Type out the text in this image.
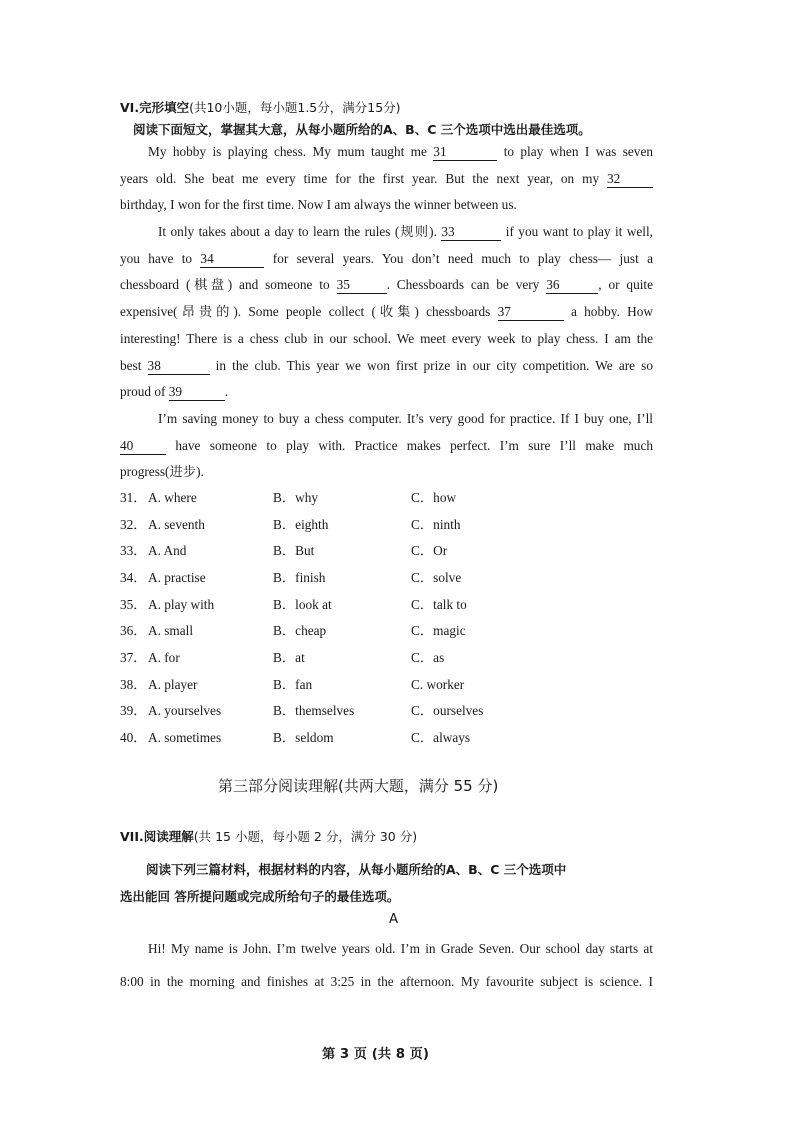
VI.完形填空(共10小题，每小题1.5分，满分15分)
阅读下面短文，掌握其大意，从每小题所给的A、B、C 三个选项中选出最佳选项。
My hobby is playing chess. My mum taught me 31	to play when I was seven
years old. She beat me every time for the first year. But the next year, on my 32
birthday, I won for the first time. Now I am always the winner between us.
It only takes about a day to learn the rules (规则). 33	if you want to play it well,
you have to 34	for several years. You don’t need much to play chess— just a
chessboard (棋盘) and someone to 35	. Chessboards can be very 36	, or quite
expensive(昂贵的). Some people collect (收集) chessboards 37	a hobby. How
interesting! There is a chess club in our school. We meet every week to play chess. I am the
best 38	in the club. This year we won first prize in our city competition. We are so
proud of 39	.
I’m saving money to buy a chess computer. It’s very good for practice. If I buy one, I’ll
40	have someone to play with. Practice makes perfect. I’m sure I’ll make much
progress(进步).
31． A. where	B．why	C．how
32． A. seventh	B．eighth	C．ninth
33． A. And	B．But	C．Or
34． A. practise	B．finish	C．solve
35． A. play with	B．look at	C．talk to
36． A. small	B．cheap	C．magic
37． A. for	B．at	C．as
38． A. player	B．fan	C. worker
39． A. yourselves	B．themselves	C．ourselves
40． A. sometimes	B．seldom	C．always
第三部分阅读理解(共两大题，满分 55 分)
VII.阅读理解(共 15 小题，每小题 2 分，满分 30 分)
阅读下列三篇材料，根据材料的内容，从每小题所给的A、B、C 三个选项中
选出能回 答所提问题或完成所给句子的最佳选项。
A
Hi! My name is John. I’m twelve years old. I’m in Grade Seven. Our school day starts at
8:00 in the morning and finishes at 3:25 in the afternoon. My favourite subject is science. I
第 3 页 (共 8 页)
